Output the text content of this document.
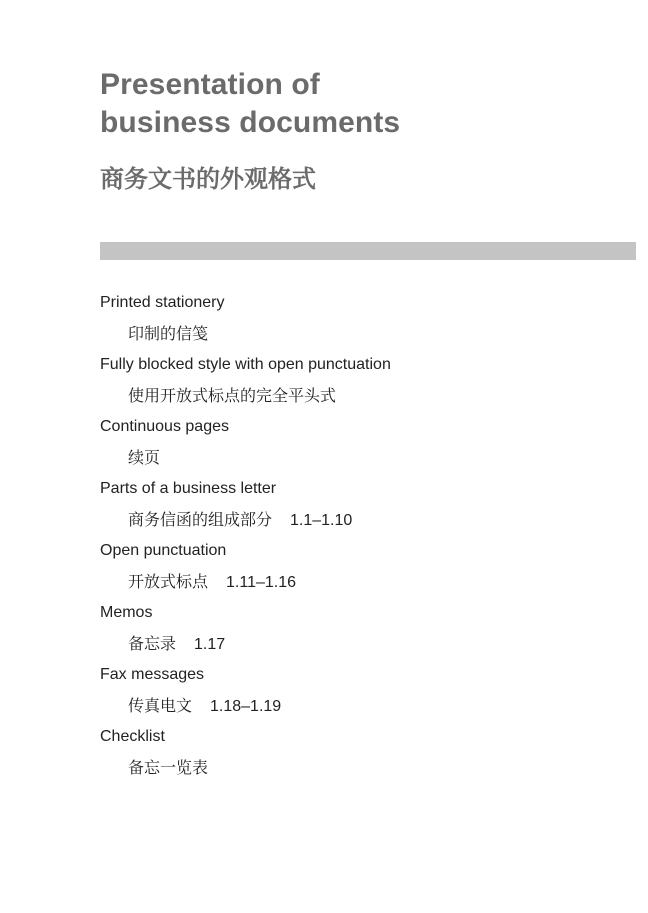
Presentation of
business documents
商务文书的外观格式
Printed stationery
印制的信笺
Fully blocked style with open punctuation
使用开放式标点的完全平头式
Continuous pages
续页
Parts of a business letter
商务信函的组成部分 1.1–1.10
Open punctuation
开放式标点 1.11–1.16
Memos
备忘录 1.17
Fax messages
传真电文 1.18–1.19
Checklist
备忘一览表
